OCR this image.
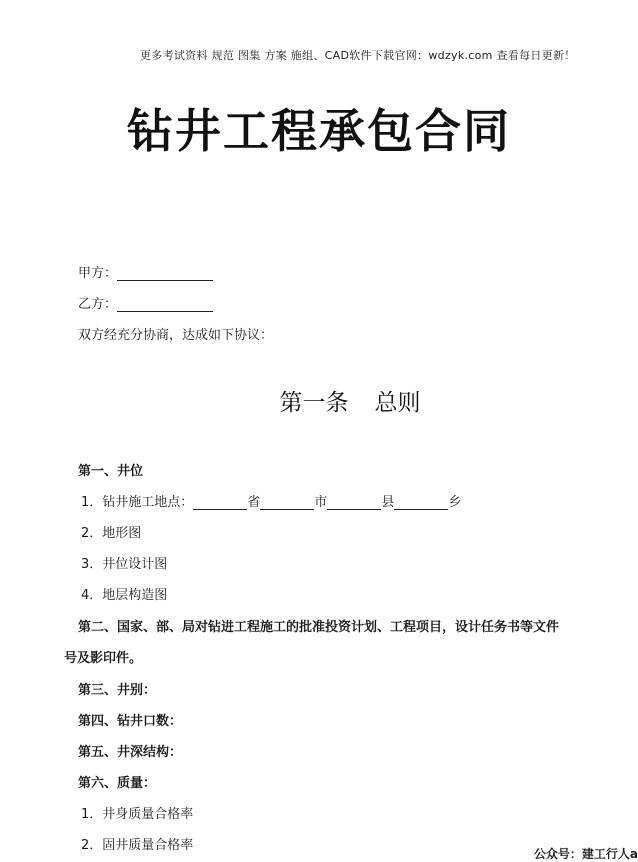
更多考试资料 规范 图集 方案 施组、CAD软件下载官网：wdzyk.com 查看每日更新！
钻井工程承包合同
甲方：
乙方：
双方经充分协商，达成如下协议：
第一条 总则
第一、井位
1．钻井施工地点：	省	市	县	乡
2．地形图
3．井位设计图
4．地层构造图
第二、国家、部、局对钻进工程施工的批准投资计划、工程项目，设计任务书等文件
号及影印件。
第三、井别：
第四、钻井口数：
第五、井深结构：
第六、质量：
1．井身质量合格率
2．固井质量合格率
公众号：建工行人a
